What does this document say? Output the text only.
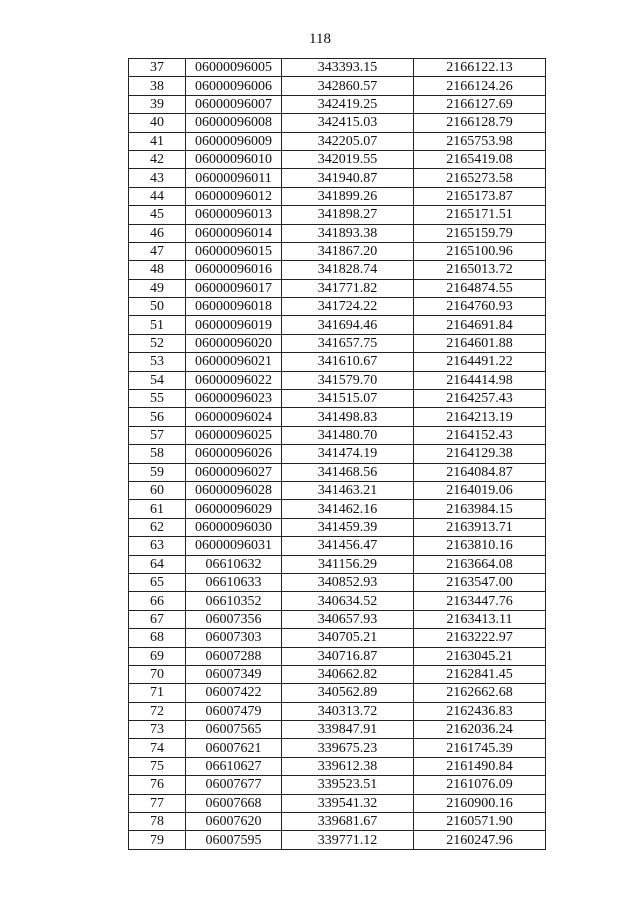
118
37	06000096005	343393.15	2166122.13
38	06000096006	342860.57	2166124.26
39	06000096007	342419.25	2166127.69
40	06000096008	342415.03	2166128.79
41	06000096009	342205.07	2165753.98
42	06000096010	342019.55	2165419.08
43	06000096011	341940.87	2165273.58
44	06000096012	341899.26	2165173.87
45	06000096013	341898.27	2165171.51
46	06000096014	341893.38	2165159.79
47	06000096015	341867.20	2165100.96
48	06000096016	341828.74	2165013.72
49	06000096017	341771.82	2164874.55
50	06000096018	341724.22	2164760.93
51	06000096019	341694.46	2164691.84
52	06000096020	341657.75	2164601.88
53	06000096021	341610.67	2164491.22
54	06000096022	341579.70	2164414.98
55	06000096023	341515.07	2164257.43
56	06000096024	341498.83	2164213.19
57	06000096025	341480.70	2164152.43
58	06000096026	341474.19	2164129.38
59	06000096027	341468.56	2164084.87
60	06000096028	341463.21	2164019.06
61	06000096029	341462.16	2163984.15
62	06000096030	341459.39	2163913.71
63	06000096031	341456.47	2163810.16
64	06610632	341156.29	2163664.08
65	06610633	340852.93	2163547.00
66	06610352	340634.52	2163447.76
67	06007356	340657.93	2163413.11
68	06007303	340705.21	2163222.97
69	06007288	340716.87	2163045.21
70	06007349	340662.82	2162841.45
71	06007422	340562.89	2162662.68
72	06007479	340313.72	2162436.83
73	06007565	339847.91	2162036.24
74	06007621	339675.23	2161745.39
75	06610627	339612.38	2161490.84
76	06007677	339523.51	2161076.09
77	06007668	339541.32	2160900.16
78	06007620	339681.67	2160571.90
79	06007595	339771.12	2160247.96
